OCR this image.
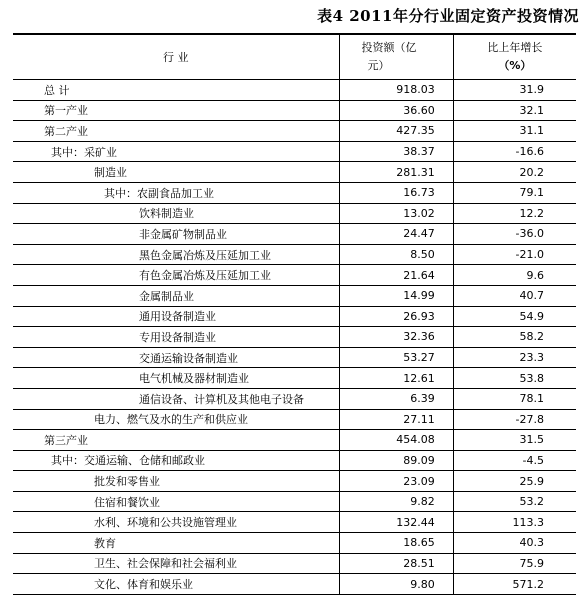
表4 2011年分行业固定资产投资情况
行 业	投资额（亿
元）	比上年增长
（%）

总 计	918.03	31.9
第一产业	36.60	32.1
第二产业	427.35	31.1
其中：采矿业	38.37	-16.6
制造业	281.31	20.2
其中：农副食品加工业	16.73	79.1
饮料制造业	13.02	12.2
非金属矿物制品业	24.47	-36.0
黑色金属冶炼及压延加工业	8.50	-21.0
有色金属冶炼及压延加工业	21.64	9.6
金属制品业	14.99	40.7
通用设备制造业	26.93	54.9
专用设备制造业	32.36	58.2
交通运输设备制造业	53.27	23.3
电气机械及器材制造业	12.61	53.8
通信设备、计算机及其他电子设备	6.39	78.1
电力、燃气及水的生产和供应业	27.11	-27.8
第三产业	454.08	31.5
其中：交通运输、仓储和邮政业	89.09	-4.5
批发和零售业	23.09	25.9
住宿和餐饮业	9.82	53.2
水利、环境和公共设施管理业	132.44	113.3
教育	18.65	40.3
卫生、社会保障和社会福利业	28.51	75.9
文化、体育和娱乐业	9.80	571.2
